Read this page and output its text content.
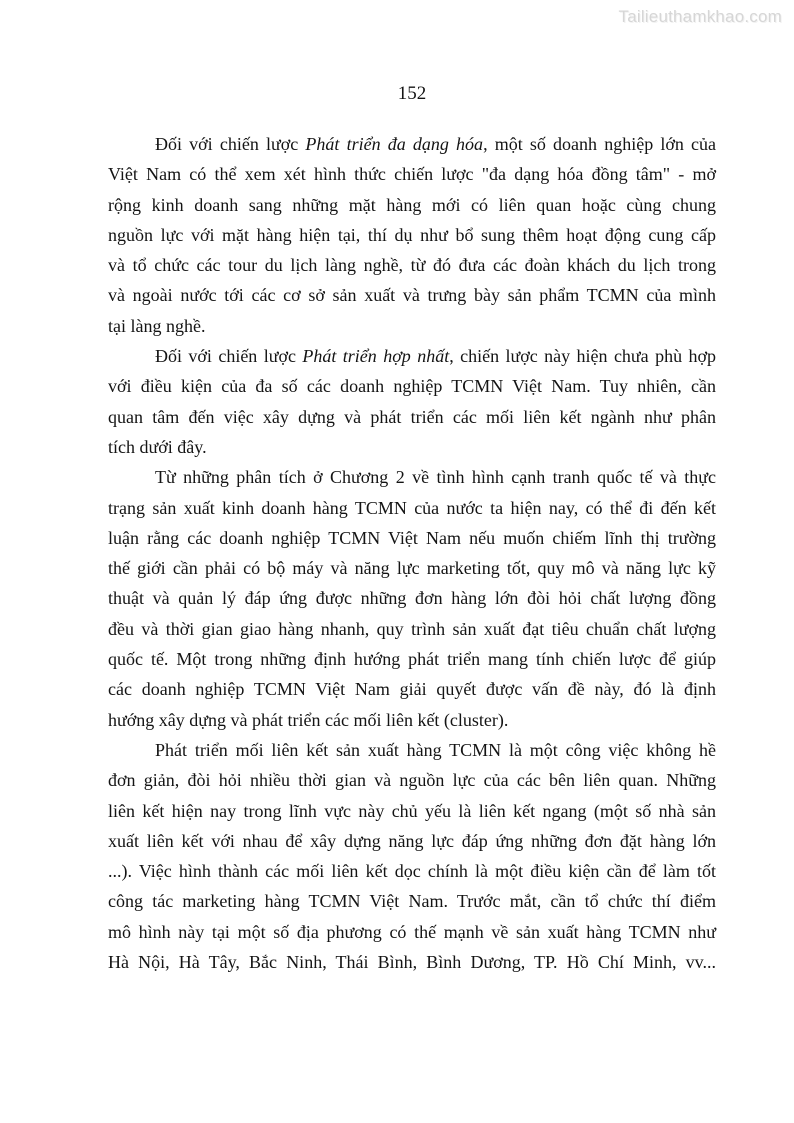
Tailieuthamkhao.com
152
Đối với chiến lược Phát triển đa dạng hóa, một số doanh nghiệp lớn của
Việt Nam có thể xem xét hình thức chiến lược "đa dạng hóa đồng tâm" - mở
rộng kinh doanh sang những mặt hàng mới có liên quan hoặc cùng chung
nguồn lực với mặt hàng hiện tại, thí dụ như bổ sung thêm hoạt động cung cấp
và tổ chức các tour du lịch làng nghề, từ đó đưa các đoàn khách du lịch trong
và ngoài nước tới các cơ sở sản xuất và trưng bày sản phẩm TCMN của mình
tại làng nghề.
Đối với chiến lược Phát triển hợp nhất, chiến lược này hiện chưa phù hợp
với điều kiện của đa số các doanh nghiệp TCMN Việt Nam. Tuy nhiên, cần
quan tâm đến việc xây dựng và phát triển các mối liên kết ngành như phân
tích dưới đây.
Từ những phân tích ở Chương 2 về tình hình cạnh tranh quốc tế và thực
trạng sản xuất kinh doanh hàng TCMN của nước ta hiện nay, có thể đi đến kết
luận rằng các doanh nghiệp TCMN Việt Nam nếu muốn chiếm lĩnh thị trường
thế giới cần phải có bộ máy và năng lực marketing tốt, quy mô và năng lực kỹ
thuật và quản lý đáp ứng được những đơn hàng lớn đòi hỏi chất lượng đồng
đều và thời gian giao hàng nhanh, quy trình sản xuất đạt tiêu chuẩn chất lượng
quốc tế. Một trong những định hướng phát triển mang tính chiến lược để giúp
các doanh nghiệp TCMN Việt Nam giải quyết được vấn đề này, đó là định
hướng xây dựng và phát triển các mối liên kết (cluster).
Phát triển mối liên kết sản xuất hàng TCMN là một công việc không hề
đơn giản, đòi hỏi nhiều thời gian và nguồn lực của các bên liên quan. Những
liên kết hiện nay trong lĩnh vực này chủ yếu là liên kết ngang (một số nhà sản
xuất liên kết với nhau để xây dựng năng lực đáp ứng những đơn đặt hàng lớn
...). Việc hình thành các mối liên kết dọc chính là một điều kiện cần để làm tốt
công tác marketing hàng TCMN Việt Nam. Trước mắt, cần tổ chức thí điểm
mô hình này tại một số địa phương có thế mạnh về sản xuất hàng TCMN như
Hà Nội, Hà Tây, Bắc Ninh, Thái Bình, Bình Dương, TP. Hồ Chí Minh, vv...
